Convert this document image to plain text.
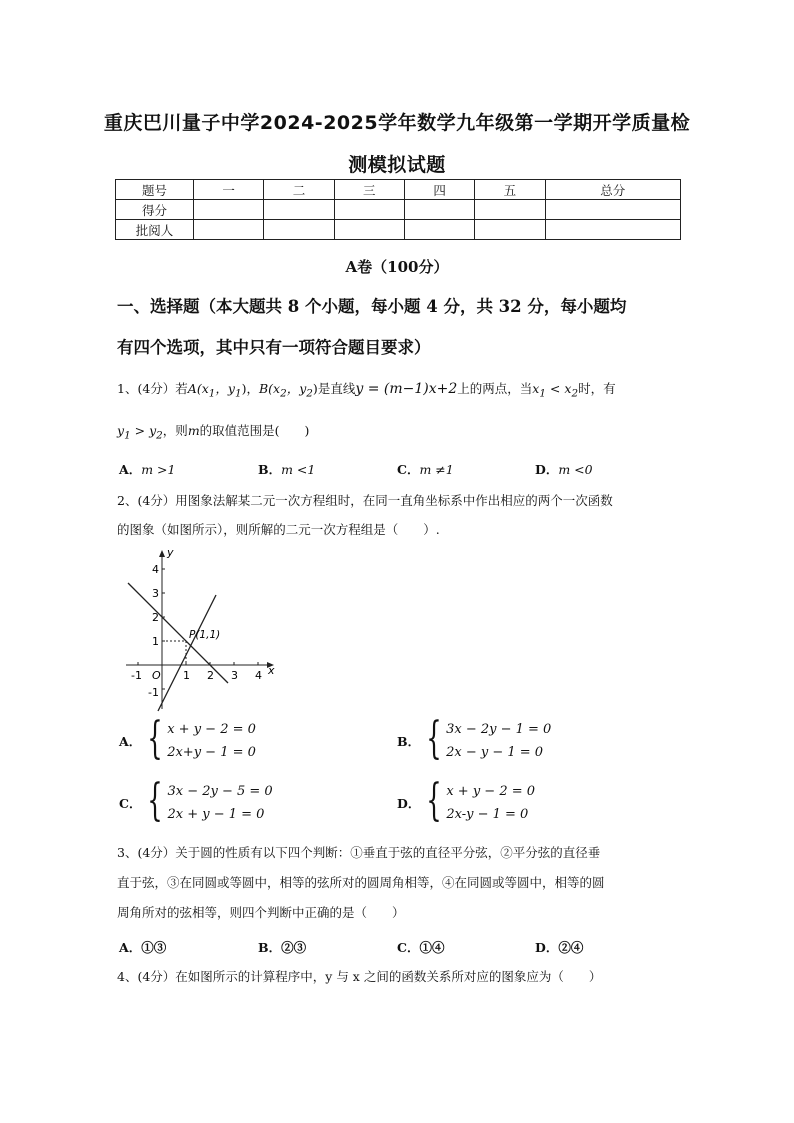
重庆巴川量子中学2024-2025学年数学九年级第一学期开学质量检
测模拟试题
题号	一	二	三	四	五	总分
得分						
批阅人						
A卷（100分）
一、选择题（本大题共 8 个小题，每小题 4 分，共 32 分，每小题均
有四个选项，其中只有一项符合题目要求）
1、(4分）若$A(x_1$，$y_1$)，$B(x_2$，$y_2$)是直线y = (m−1)x+2上的两点，当$x_1 < x_2$时，有
$y_1 > y_2$，则m的取值范围是(　　)
A．m >1	B．m <1	C．m ≠1	D．m <0
2、(4分）用图象法解某二元一次方程组时，在同一直角坐标系中作出相应的两个一次函数
的图象（如图所示），则所解的二元一次方程组是（　　）.
y
x
O
-1	1 2 3 4
4
3
2
1
-1
P(1,1)
A． { x + y − 2 = 0
2x+y − 1 = 0
B． { 3x − 2y − 1 = 0
2x − y − 1 = 0
C． { 3x − 2y − 5 = 0
2x + y − 1 = 0
D． { x + y − 2 = 0
2x-y − 1 = 0
3、(4分）关于圆的性质有以下四个判断：①垂直于弦的直径平分弦，②平分弦的直径垂
直于弦，③在同圆或等圆中，相等的弦所对的圆周角相等，④在同圆或等圆中，相等的圆
周角所对的弦相等，则四个判断中正确的是（　　）
A．①③	B．②③	C．①④	D．②④
4、(4分）在如图所示的计算程序中，y 与 x 之间的函数关系所对应的图象应为（　　）
